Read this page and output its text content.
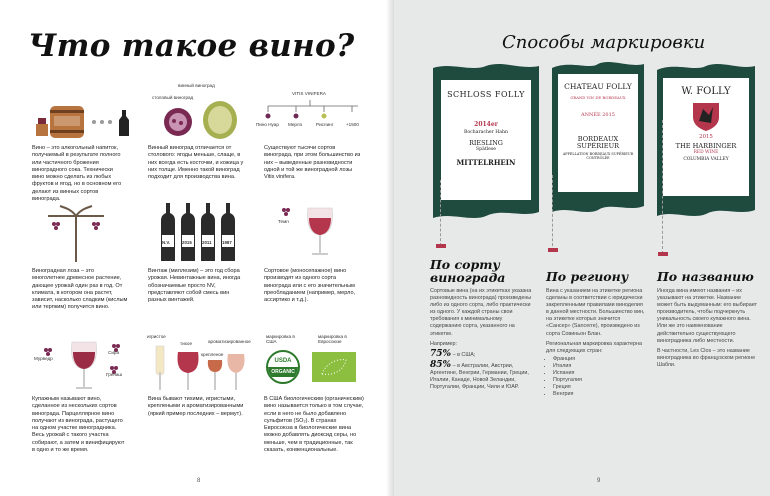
Что такое вино?
Вино – это алкогольный напиток, получаемый в результате полного или частичного брожения виноградного сока. Технически вино можно сделать из любых фруктов и ягод, но в основном его делают из винных сортов винограда.
винный виноград
столовый виноград
VITIS VINIFERA
Пино Нуар Мерло	Рислинг	+1500
Винный виноград отличается от столового: ягоды меньше, слаще, в них всегда есть косточки, и кожица у них толще. Именно такой виноград подходит для производства вина.
Существуют тысячи сортов винограда, при этом большинство из них – выведенные разновидности одной и той же виноградной лозы Vitis vinifera.
Виноградная лоза – это многолетнее древесное растение, дающее урожай один раз в год. От климата, в котором она растет, зависит, насколько сладким (кислым или терпким) получится вино.
N.V.	2015 2011 1987
Винтаж (миллезим) – это год сбора урожая. Невинтажные вина, иногда обозначаемые просто NV, представляют собой смесь вин разных винтажей.
Темп
Сортовое (моносепажное) вино производят из одного сорта винограда или с его значительным преобладанием (например, мерло, ассиртико и т.д.).
Мурведр
Сира
Гренаш
Купажным называют вино, сделанное из нескольких сортов винограда. Парцеллярное вино получают из винограда, растущего на одном участке виноградника. Весь урожай с такого участка собирают, а затем и винифицируют в одно и то же время.
игристое
тихое
крепленое
ароматизированное
Вина бывают тихими, игристыми, креплеными и ароматизированными (яркий пример последних – вермут).
маркировка в США
маркировка в Евросоюзе
USDA
ORGANIC
В США биологическим (органическим) вино называется только в том случае, если в него не было добавлено сульфитов (SO₂). В странах Евросоюза в биологические вина можно добавлять диоксид серы, но меньше, чем в традиционные, так сказать, конвенциональные.
8
Способы маркировки
SCHLOSS FOLLY
2014er
Bocharacher Hahn
RIESLING
Spätlese
MITTELRHEIN
CHATEAU FOLLY
GRAND VIN DE BORDEAUX
ANNÉE 2015
BORDEAUX SUPÉRIEUR
APPELLATION BORDEAUX SUPÉRIEUR CONTRÔLÉE
W. FOLLY
2015
THE HARBINGER
RED WINE
COLUMBIA VALLEY
По сорту винограда
Сортовые вина (на их этикетках указана разновидность винограда) произведены либо из одного сорта, либо практически из одного. У каждой страны свои требования к минимальному содержанию сорта, указанного на этикетке.
Например:
75% – в США;
85% – в Австралии, Австрии, Аргентине, Венгрии, Германии, Греции, Италии, Канаде, Новой Зеландии, Португалии, Франции, Чили и ЮАР.
По региону
Вина с указанием на этикетке региона сделаны в соответствии с юридически закрепленными правилами виноделия в данной местности. Большинство вин, на этикетке которых значится «Сансер» (Sancerre), произведено из сорта Совиньон Блан.
Региональная маркировка характерна для следующих стран:
• Франция
• Италия
• Испания
• Португалия
• Греция
• Венгрия
По названию
Иногда вина имеют названия – их указывают на этикетке. Название может быть выдуманным: его выбирает производитель, чтобы подчеркнуть уникальность своего купажного вина. Или же это наименование действительно существующего виноградника либо местности.
В частности, Les Clos – это название виноградника во французском регионе Шабли.
9
